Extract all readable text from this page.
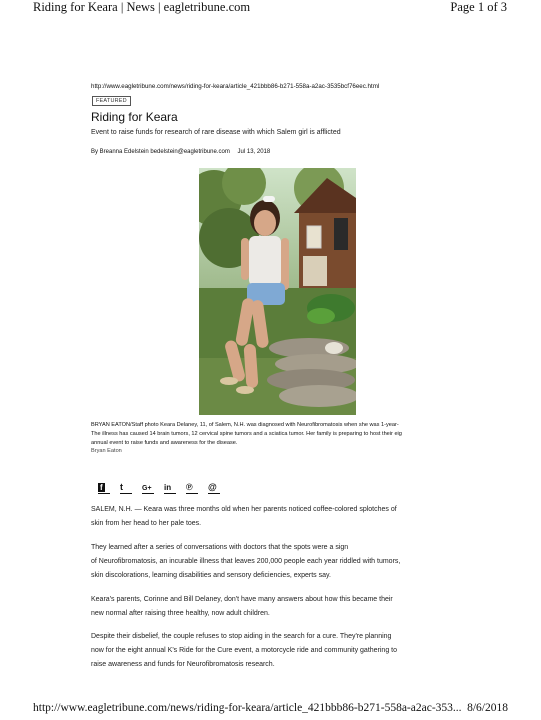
Riding for Keara | News | eagletribune.com	Page 1 of 3
http://www.eagletribune.com/news/riding-for-keara/article_421bbb86-b271-558a-a2ac-3535bcf76eec.html
FEATURED
Riding for Keara
Event to raise funds for research of rare disease with which Salem girl is afflicted
By Breanna Edelstein bedelstein@eagletribune.com Jul 13, 2018
BRYAN EATON/Staff photo Keara Delaney, 11, of Salem, N.H. was diagnosed with Neurofibromatosis when she was 1-year-
The illness has caused 14 brain tumors, 12 cervical spine tumors and a sciatica tumor. Her family is preparing to host their eig
annual event to raise funds and awareness for the disease.
Bryan Eaton
f t	G+ in ℗ @
SALEM, N.H. — Keara was three months old when her parents noticed coffee-colored splotches of
skin from her head to her pale toes.
They learned after a series of conversations with doctors that the spots were a sign
of Neurofibromatosis, an incurable illness that leaves 200,000 people each year riddled with tumors,
skin discolorations, learning disabilities and sensory deficiencies, experts say.
Keara's parents, Corinne and Bill Delaney, don't have many answers about how this became their
new normal after raising three healthy, now adult children.
Despite their disbelief, the couple refuses to stop aiding in the search for a cure. They're planning
now for the eight annual K's Ride for the Cure event, a motorcycle ride and community gathering to
raise awareness and funds for Neurofibromatosis research.
http://www.eagletribune.com/news/riding-for-keara/article_421bbb86-b271-558a-a2ac-353... 8/6/2018
